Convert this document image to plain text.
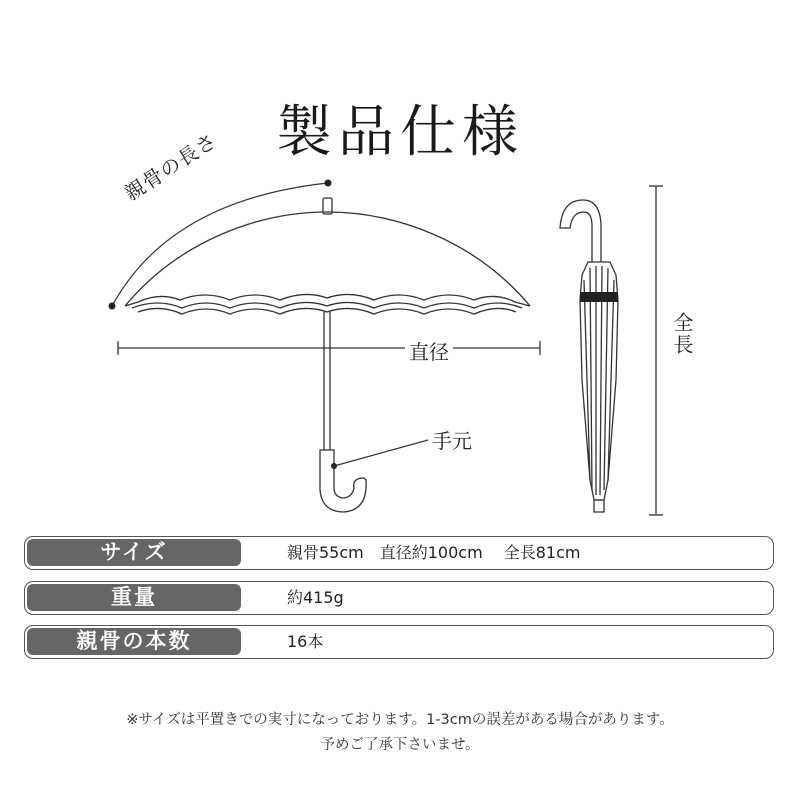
製品仕様
親骨の長さ
直径
手元
全長
サイズ	親骨55cm　直径約100cm　 全長81cm
重量	約415g
親骨の本数	16本
※サイズは平置きでの実寸になっております。1-3cmの誤差がある場合があります。
予めご了承下さいませ。
